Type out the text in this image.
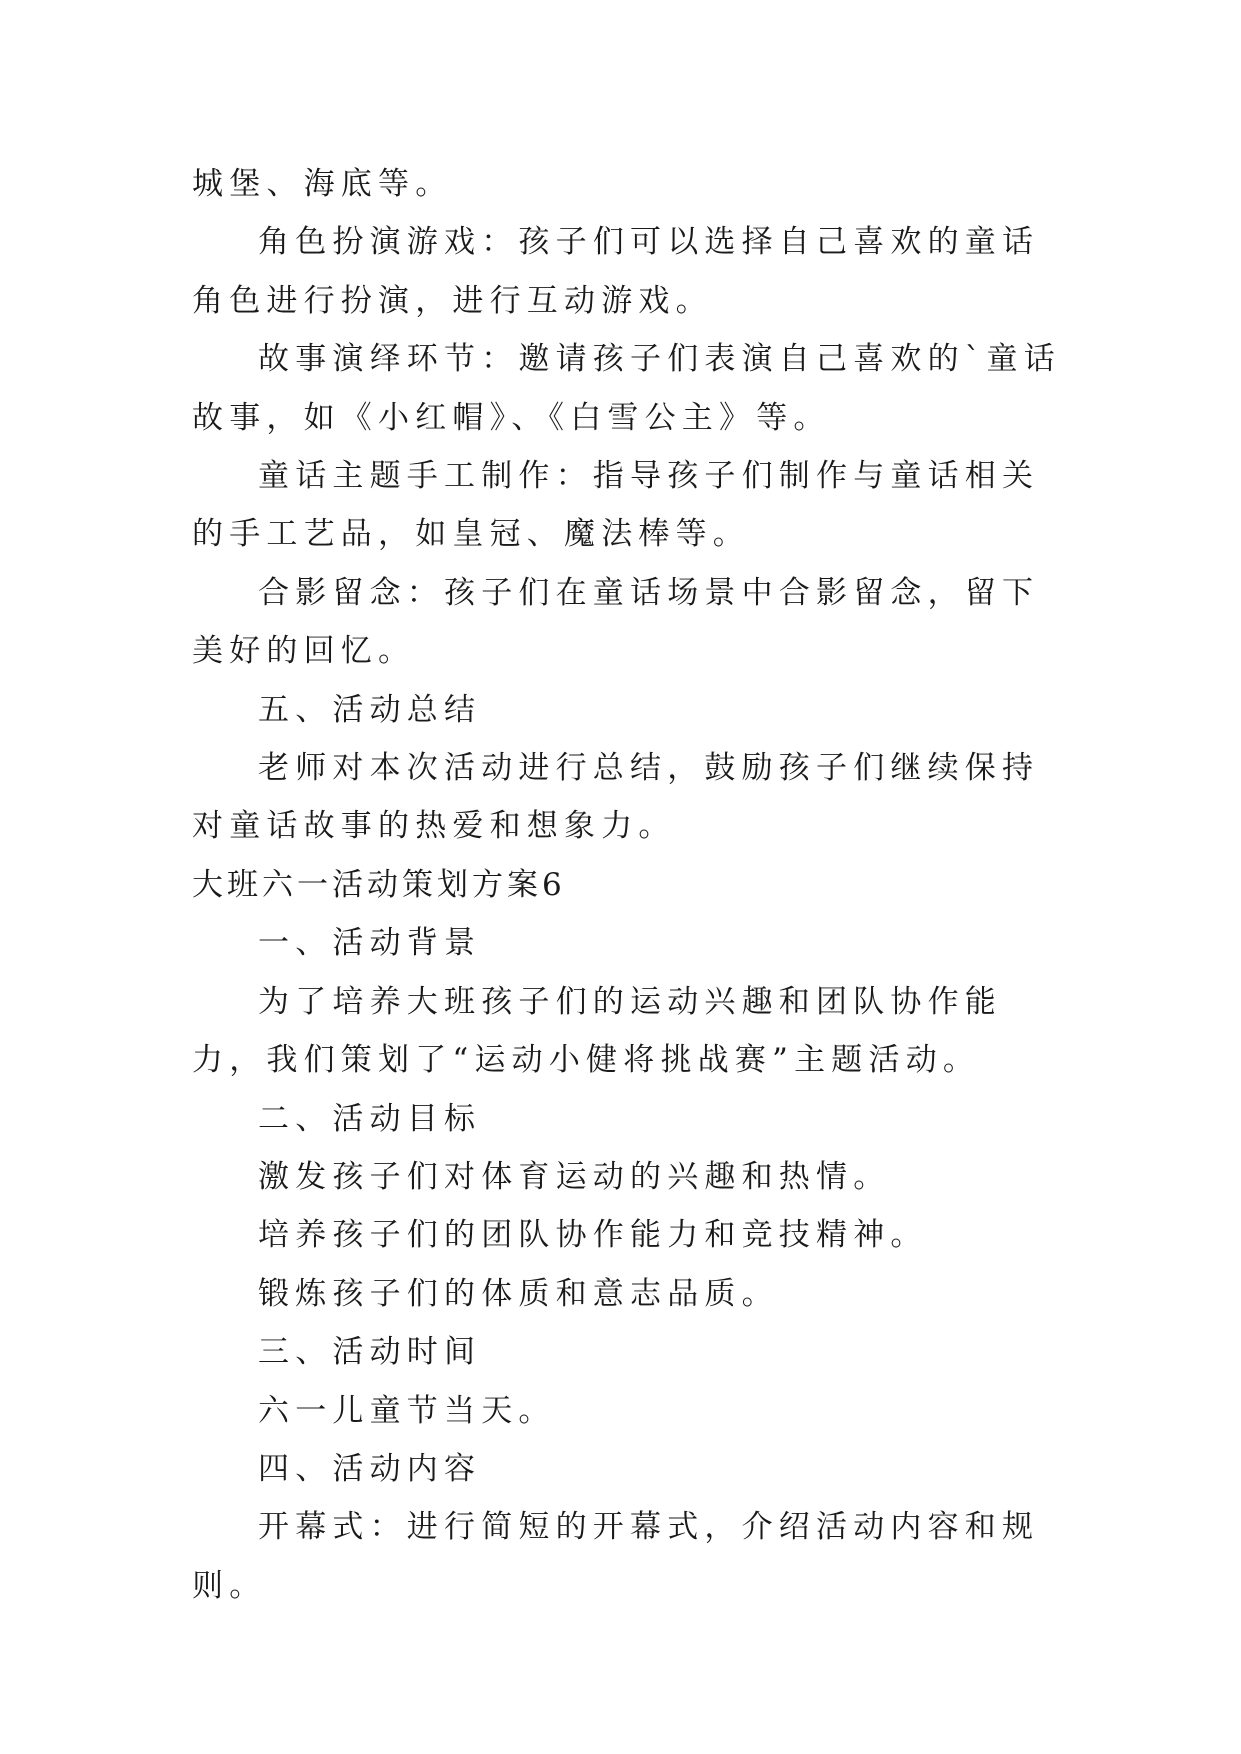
城堡、海底等。

角色扮演游戏：孩子们可以选择自己喜欢的童话角色进行扮演，进行互动游戏。

故事演绎环节：邀请孩子们表演自己喜欢的`童话故事，如《小红帽》、《白雪公主》等。

童话主题手工制作：指导孩子们制作与童话相关的手工艺品，如皇冠、魔法棒等。

合影留念：孩子们在童话场景中合影留念，留下美好的回忆。

五、活动总结

老师对本次活动进行总结，鼓励孩子们继续保持对童话故事的热爱和想象力。

大班六一活动策划方案6

一、活动背景

为了培养大班孩子们的运动兴趣和团队协作能力，我们策划了“运动小健将挑战赛”主题活动。

二、活动目标

激发孩子们对体育运动的兴趣和热情。

培养孩子们的团队协作能力和竞技精神。

锻炼孩子们的体质和意志品质。

三、活动时间

六一儿童节当天。

四、活动内容

开幕式：进行简短的开幕式，介绍活动内容和规则。
